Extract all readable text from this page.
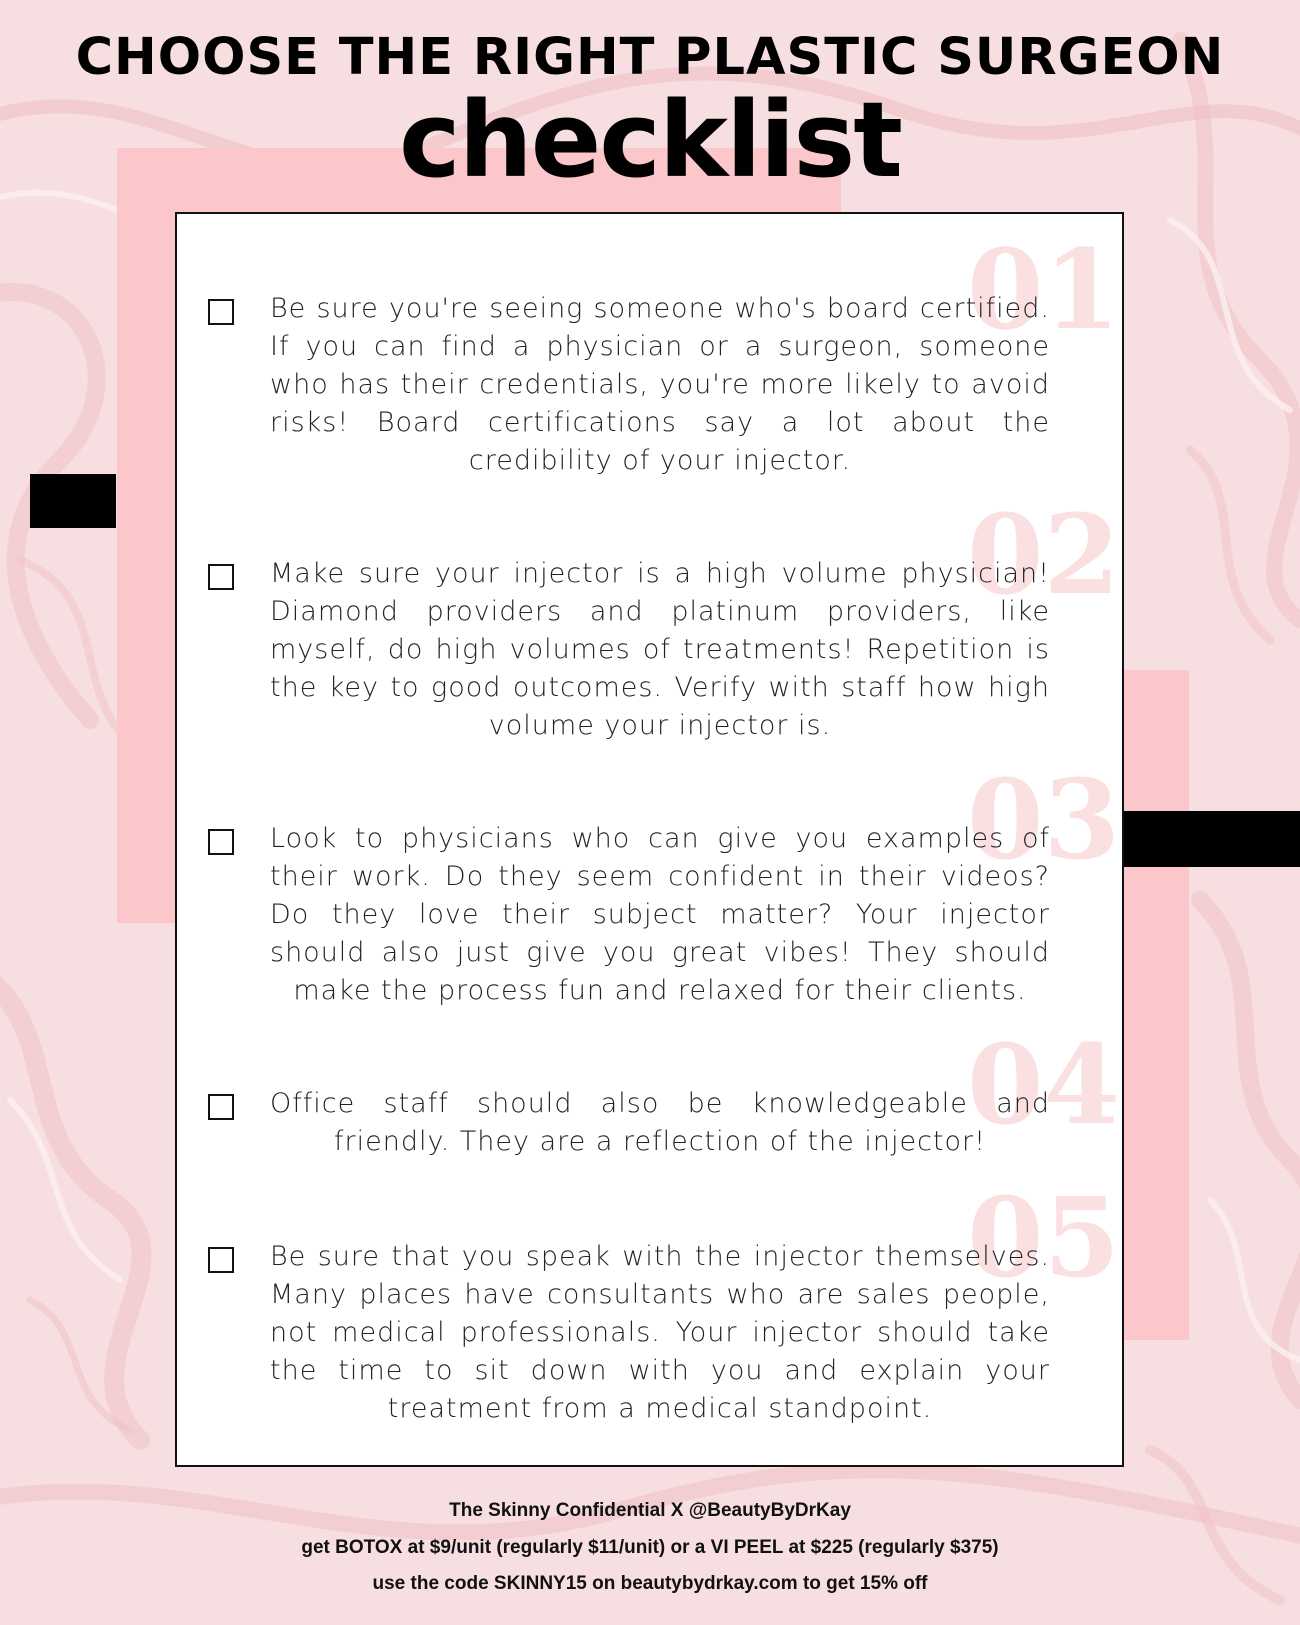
CHOOSE THE RIGHT PLASTIC SURGEON
checklist
01

Be sure you're seeing someone who's board certified. If you can find a physician or a surgeon, someone who has their credentials, you're more likely to avoid risks! Board certifications say a lot about the credibility of your injector.

02

Make sure your injector is a high volume physician! Diamond providers and platinum providers, like myself, do high volumes of treatments! Repetition is the key to good outcomes. Verify with staff how high volume your injector is.

03

Look to physicians who can give you examples of their work. Do they seem confident in their videos? Do they love their subject matter? Your injector should also just give you great vibes! They should make the process fun and relaxed for their clients.

04

Office staff should also be knowledgeable and friendly. They are a reflection of the injector!

05

Be sure that you speak with the injector themselves. Many places have consultants who are sales people, not medical professionals. Your injector should take the time to sit down with you and explain your treatment from a medical standpoint.

The Skinny Confidential X @BeautyByDrKay

get BOTOX at $9/unit (regularly $11/unit) or a VI PEEL at $225 (regularly $375)

use the code SKINNY15 on beautybydrkay.com to get 15% off
